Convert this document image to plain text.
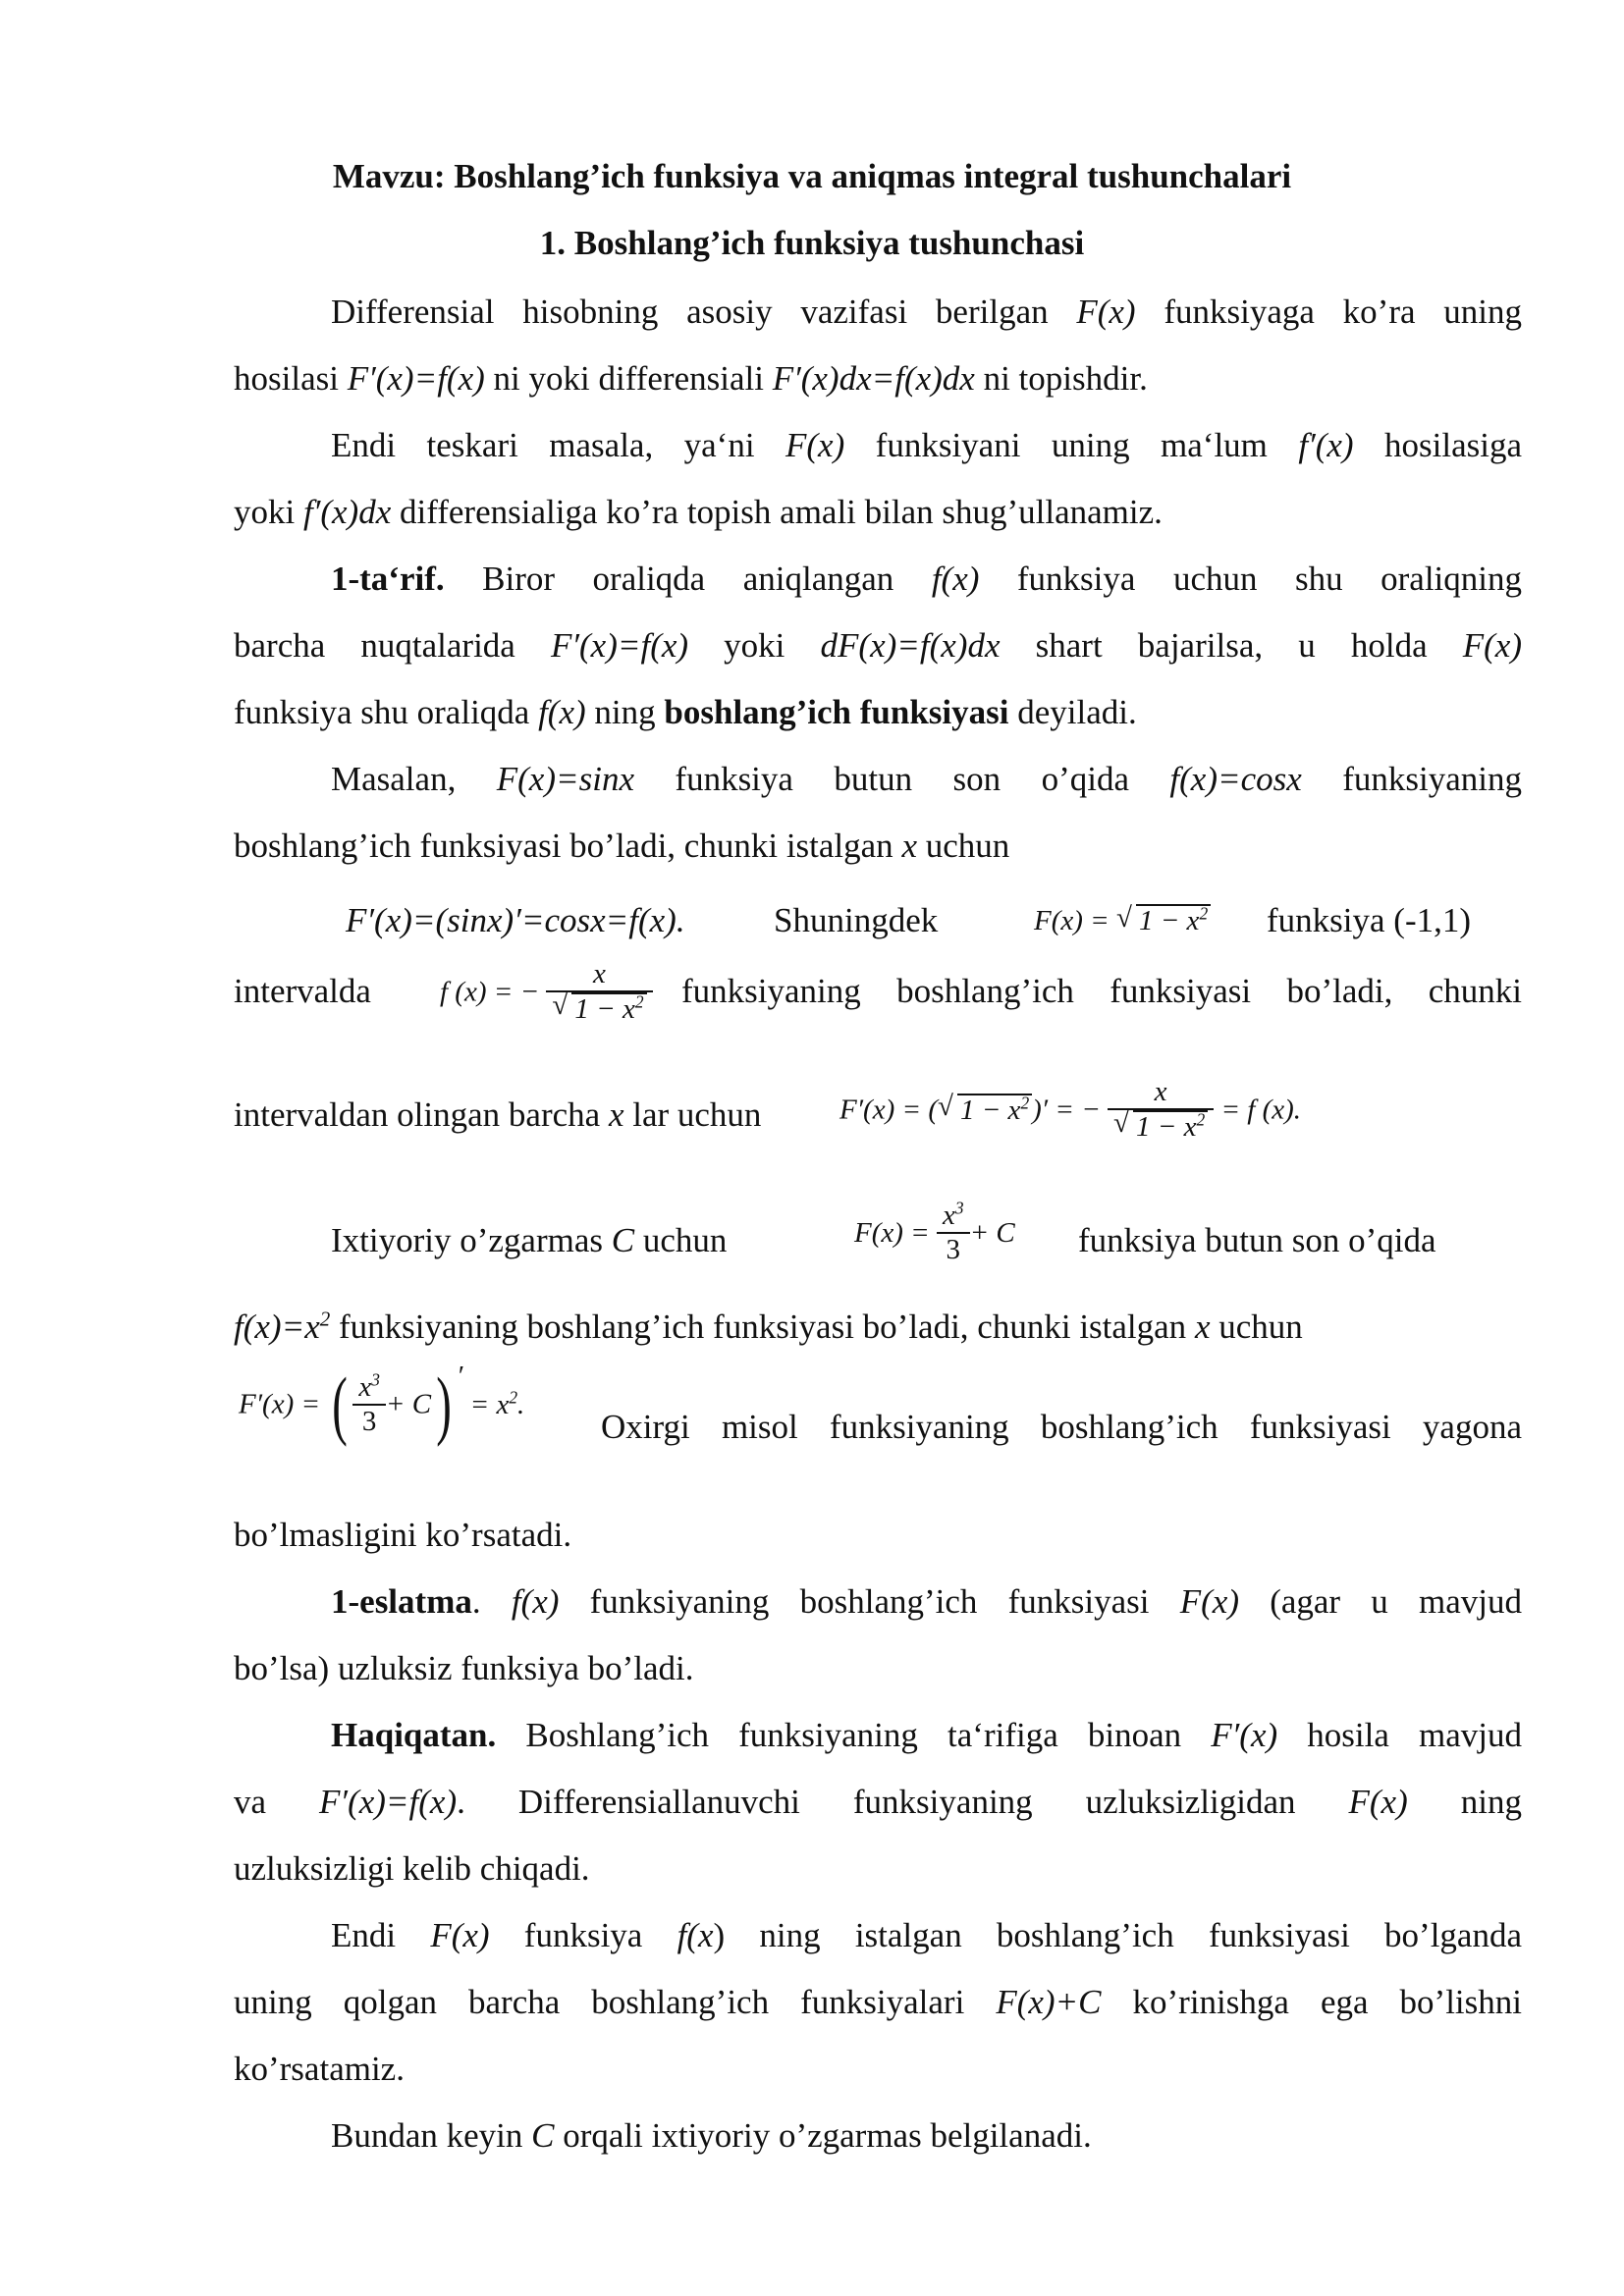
Mavzu: Boshlang’ich funksiya va aniqmas integral tushunchalari
1. Boshlang’ich funksiya tushunchasi
Differensial hisobning asosiy vazifasi berilgan F(x) funksiyaga ko’ra uning
hosilasi F′(x)=f(x) ni yoki differensiali F′(x)dx=f(x)dx ni topishdir.
Endi teskari masala, ya‘ni F(x) funksiyani uning ma‘lum f′(x) hosilasiga
yoki f′(x)dx differensialiga ko’ra topish amali bilan shug’ullanamiz.
1-ta‘rif. Biror oraliqda aniqlangan f(x) funksiya uchun shu oraliqning
barcha nuqtalarida F′(x)=f(x) yoki dF(x)=f(x)dx shart bajarilsa, u holda F(x)
funksiya shu oraliqda f(x) ning boshlang’ich funksiyasi deyiladi.
Masalan, F(x)=sinx funksiya butun son o’qida f(x)=cosx funksiyaning
boshlang’ich funksiyasi bo’ladi, chunki istalgan x uchun
F′(x)=(sinx)′=cosx=f(x).	Shuningdek	F(x) = √ $1 - x^2$ funksiya (-1,1)
intervalda f (x) = − x
√ $1 - x^2$ funksiyaning boshlang’ich funksiyasi bo’ladi, chunki
intervaldan olingan barcha x lar uchun	F′(x) = (√ $1 - x^2$ )′ = − x
√ $1 - x^2 = f$ (x).
Ixtiyoriy o’zgarmas C uchun	$F(x) = \frac{x^3}{3} + C$ funksiya butun son o’qida
$f(x)=x^2$ funksiyaning boshlang’ich funksiyasi bo’ladi, chunki istalgan x uchun
F′(x) = ( $\frac{x^3}{3} + C$) ′ = $x^2$.
Oxirgi misol funksiyaning boshlang’ich funksiyasi yagona
bo’lmasligini ko’rsatadi.
1-eslatma. f(x) funksiyaning boshlang’ich funksiyasi F(x) (agar u mavjud
bo’lsa) uzluksiz funksiya bo’ladi.
Haqiqatan. Boshlang’ich funksiyaning ta‘rifiga binoan F′(x) hosila mavjud
va F′(x)=f(x). Differensiallanuvchi funksiyaning uzluksizligidan F(x) ning
uzluksizligi kelib chiqadi.
Endi F(x) funksiya f(x) ning istalgan boshlang’ich funksiyasi bo’lganda
uning qolgan barcha boshlang’ich funksiyalari F(x)+C ko’rinishga ega bo’lishni
ko’rsatamiz.
Bundan keyin C orqali ixtiyoriy o’zgarmas belgilanadi.
